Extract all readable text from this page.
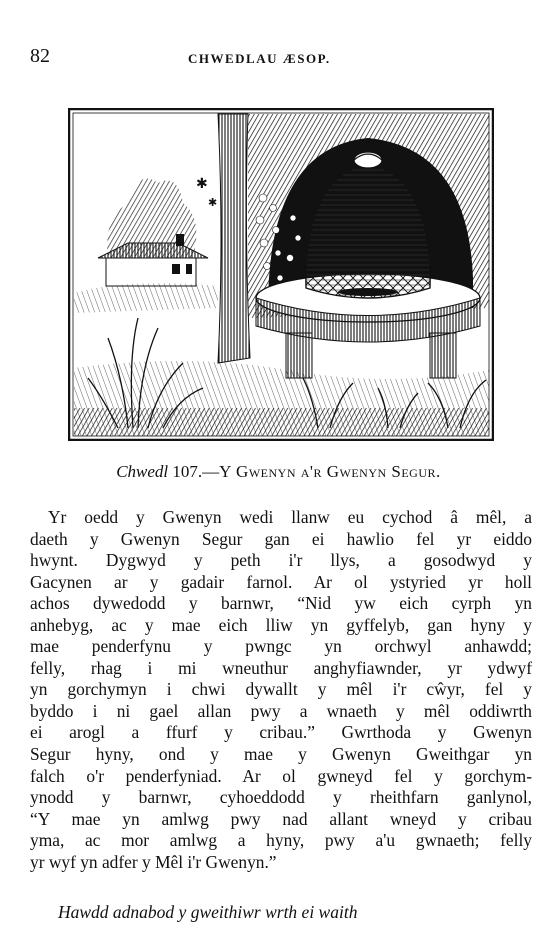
82	CHWEDLAU ÆSOP.
✱
✱
Chwedl 107.—Y Gwenyn a'r Gwenyn Segur.
Yr oedd y Gwenyn wedi llanw eu cychod â mêl, a
daeth y Gwenyn Segur gan ei hawlio fel yr eiddo
hwynt. Dygwyd y peth i'r llys, a gosodwyd y
Gacynen ar y gadair farnol. Ar ol ystyried yr holl
achos dywedodd y barnwr, “Nid yw eich cyrph yn
anhebyg, ac y mae eich lliw yn gyffelyb, gan hyny y
mae penderfynu y pwngc yn orchwyl anhawdd;
felly, rhag i mi wneuthur anghyfiawnder, yr ydwyf
yn gorchymyn i chwi dywallt y mêl i'r cŵyr, fel y
byddo i ni gael allan pwy a wnaeth y mêl oddiwrth
ei arogl a ffurf y cribau.” Gwrthoda y Gwenyn
Segur hyny, ond y mae y Gwenyn Gweithgar yn
falch o'r penderfyniad. Ar ol gwneyd fel y gorchym-
ynodd y barnwr, cyhoeddodd y rheithfarn ganlynol,
“Y mae yn amlwg pwy nad allant wneyd y cribau
yma, ac mor amlwg a hyny, pwy a'u gwnaeth; felly
yr wyf yn adfer y Mêl i'r Gwenyn.”
Hawdd adnabod y gweithiwr wrth ei waith
